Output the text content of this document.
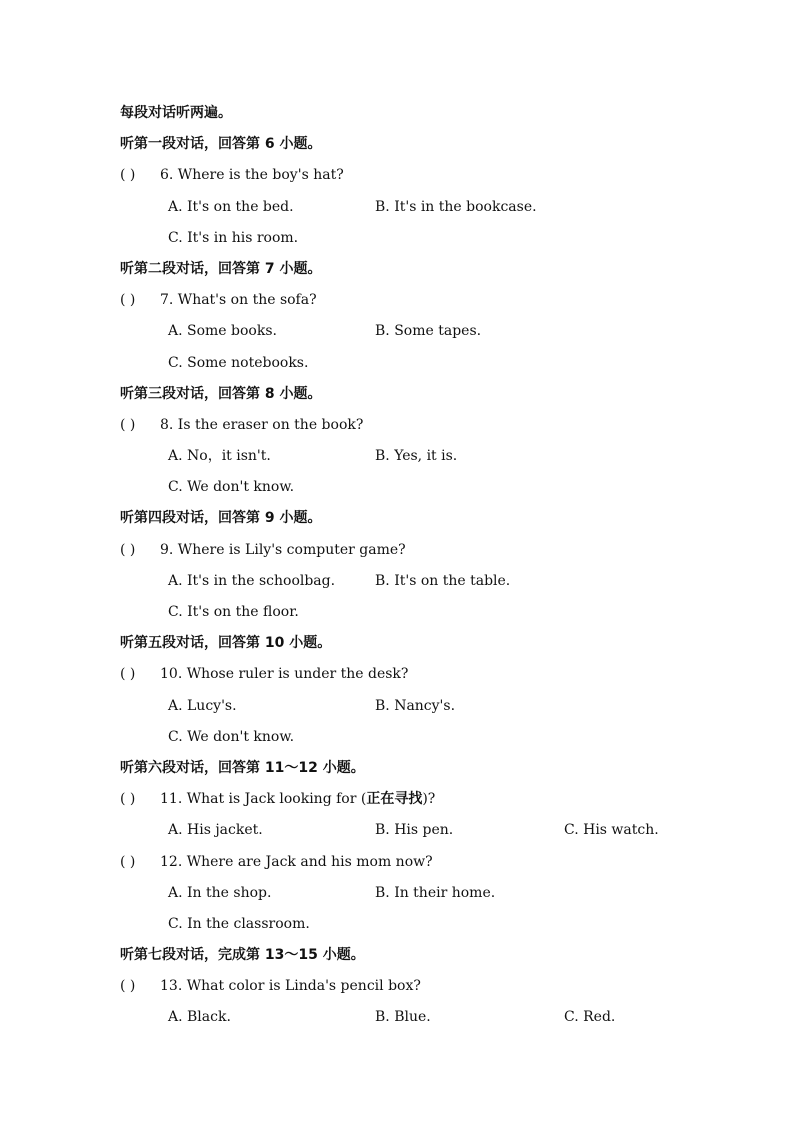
每段对话听两遍。
听第一段对话，回答第 6 小题。
( ) 6. Where is the boy's hat?
A. It's on the bed.	B. It's in the bookcase.
C. It's in his room.
听第二段对话，回答第 7 小题。
( ) 7. What's on the sofa?
A. Some books.	B. Some tapes.
C. Some notebooks.
听第三段对话，回答第 8 小题。
( ) 8. Is the eraser on the book?
A. No，it isn't.	B. Yes, it is.
C. We don't know.
听第四段对话，回答第 9 小题。
( ) 9. Where is Lily's computer game?
A. It's in the schoolbag.	B. It's on the table.
C. It's on the floor.
听第五段对话，回答第 10 小题。
( ) 10. Whose ruler is under the desk?
A. Lucy's.	B. Nancy's.
C. We don't know.
听第六段对话，回答第 11～12 小题。
( ) 11. What is Jack looking for (正在寻找)?
A. His jacket.	B. His pen.	C. His watch.
( ) 12. Where are Jack and his mom now?
A. In the shop.	B. In their home.
C. In the classroom.
听第七段对话，完成第 13～15 小题。
( ) 13. What color is Linda's pencil box?
A. Black.	B. Blue.	C. Red.
